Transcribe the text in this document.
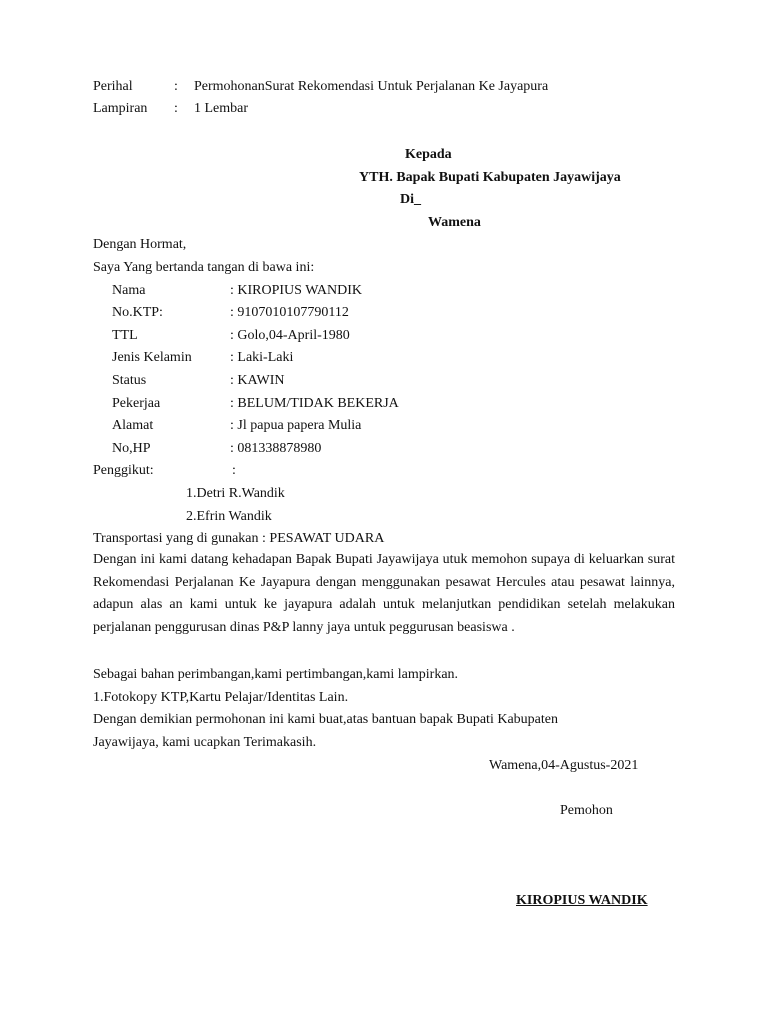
Perihal	: PermohonanSurat Rekomendasi Untuk Perjalanan Ke Jayapura
Lampiran : 1 Lembar
Kepada
YTH. Bapak Bupati Kabupaten Jayawijaya
Di_
Wamena
Dengan Hormat,
Saya Yang bertanda tangan di bawa ini:
Nama	: KIROPIUS WANDIK
No.KTP:	: 9107010107790112
TTL	: Golo,04-April-1980
Jenis Kelamin	: Laki-Laki
Status	: KAWIN
Pekerjaa	: BELUM/TIDAK BEKERJA
Alamat	: Jl papua papera Mulia
No,HP	: 081338878980
Penggikut:	:
1.Detri R.Wandik
2.Efrin Wandik
Transportasi yang di gunakan : PESAWAT UDARA
Dengan ini kami datang kehadapan Bapak Bupati Jayawijaya utuk memohon supaya di keluarkan surat Rekomendasi Perjalanan Ke Jayapura dengan menggunakan pesawat Hercules atau pesawat lainnya, adapun alas an kami untuk ke jayapura adalah untuk melanjutkan pendidikan setelah melakukan perjalanan penggurusan dinas P&P lanny jaya untuk peggurusan beasiswa .
Sebagai bahan perimbangan,kami pertimbangan,kami lampirkan.
1.Fotokopy KTP,Kartu Pelajar/Identitas Lain.
Dengan demikian permohonan ini kami buat,atas bantuan bapak Bupati Kabupaten
Jayawijaya, kami ucapkan Terimakasih.
Wamena,04-Agustus-2021
Pemohon
KIROPIUS WANDIK
